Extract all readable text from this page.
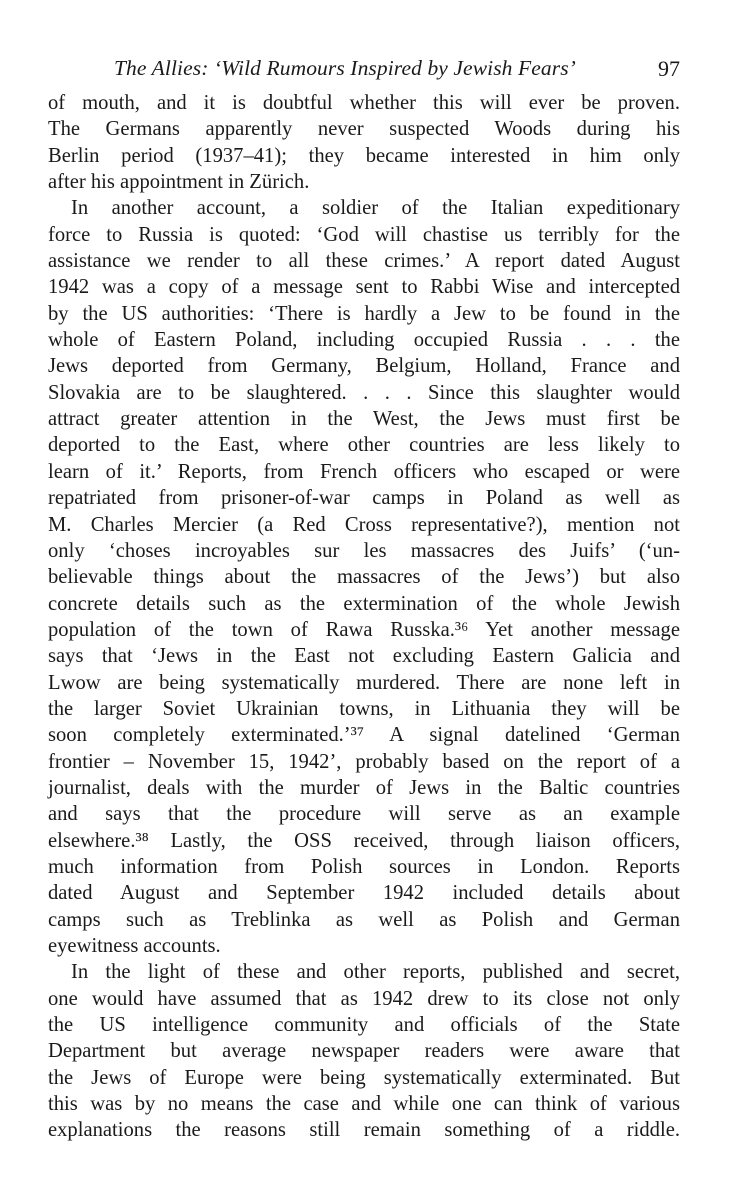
The Allies: ‘Wild Rumours Inspired by Jewish Fears’	97
of mouth, and it is doubtful whether this will ever be proven.
The Germans apparently never suspected Woods during his
Berlin period (1937–41); they became interested in him only
after his appointment in Zürich.
In another account, a soldier of the Italian expeditionary
force to Russia is quoted: ‘God will chastise us terribly for the
assistance we render to all these crimes.’ A report dated August
1942 was a copy of a message sent to Rabbi Wise and intercepted
by the US authorities: ‘There is hardly a Jew to be found in the
whole of Eastern Poland, including occupied Russia . . . the
Jews deported from Germany, Belgium, Holland, France and
Slovakia are to be slaughtered. . . . Since this slaughter would
attract greater attention in the West, the Jews must first be
deported to the East, where other countries are less likely to
learn of it.’ Reports, from French officers who escaped or were
repatriated from prisoner-of-war camps in Poland as well as
M. Charles Mercier (a Red Cross representative?), mention not
only ‘choses incroyables sur les massacres des Juifs’ (‘un-
believable things about the massacres of the Jews’) but also
concrete details such as the extermination of the whole Jewish
population of the town of Rawa Russka.³⁶ Yet another message
says that ‘Jews in the East not excluding Eastern Galicia and
Lwow are being systematically murdered. There are none left in
the larger Soviet Ukrainian towns, in Lithuania they will be
soon completely exterminated.’³⁷ A signal datelined ‘German
frontier – November 15, 1942’, probably based on the report of a
journalist, deals with the murder of Jews in the Baltic countries
and says that the procedure will serve as an example
elsewhere.³⁸ Lastly, the OSS received, through liaison officers,
much information from Polish sources in London. Reports
dated August and September 1942 included details about
camps such as Treblinka as well as Polish and German
eyewitness accounts.
In the light of these and other reports, published and secret,
one would have assumed that as 1942 drew to its close not only
the US intelligence community and officials of the State
Department but average newspaper readers were aware that
the Jews of Europe were being systematically exterminated. But
this was by no means the case and while one can think of various
explanations the reasons still remain something of a riddle.
